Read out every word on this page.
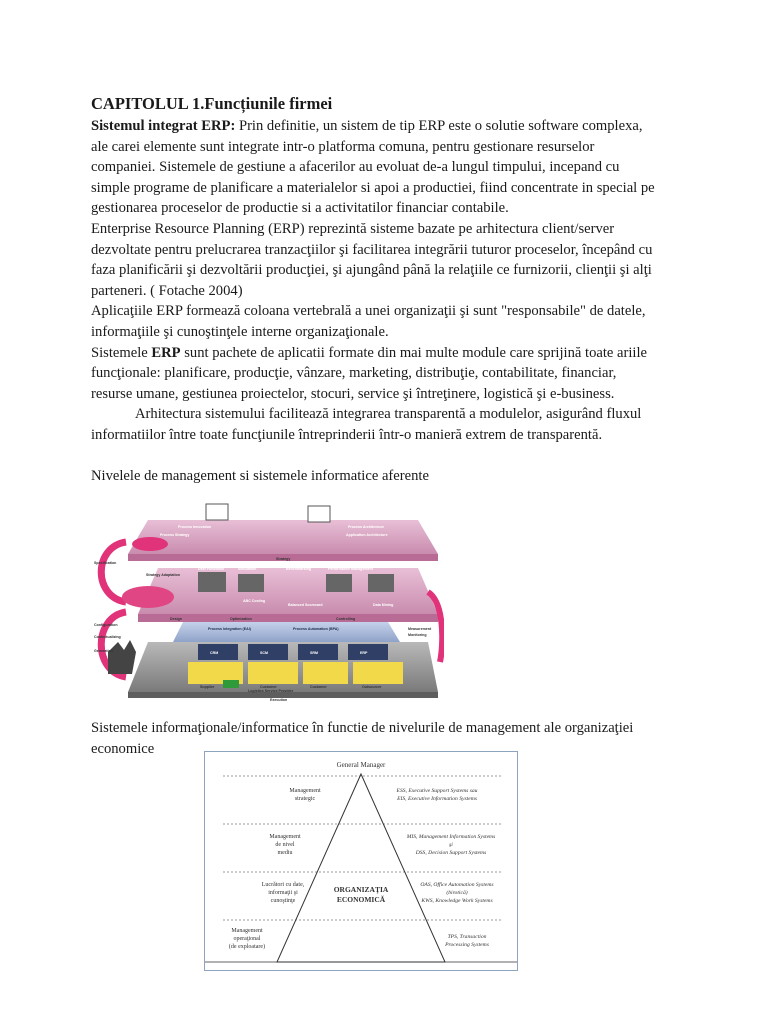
CAPITOLUL 1.Funcțiunile firmei

Sistemul integrat ERP: Prin definitie, un sistem de tip ERP este o solutie software complexa,
ale carei elemente sunt integrate intr-o platforma comuna, pentru gestionare resurselor
companiei. Sistemele de gestiune a afacerilor au evoluat de-a lungul timpului, incepand cu
simple programe de planificare a materialelor si apoi a productiei, fiind concentrate in special pe
gestionarea proceselor de productie si a activitatilor financiar contabile.

Enterprise Resource Planning (ERP) reprezintă sisteme bazate pe arhitectura client/server
dezvoltate pentru prelucrarea tranzacţiilor şi facilitarea integrării tuturor proceselor, începând cu
faza planificării şi dezvoltării producţiei, şi ajungând până la relaţiile ce furnizorii, clienţii şi alţi
parteneri. ( Fotache 2004)

Aplicaţiile ERP formează coloana vertebrală a unei organizaţii şi sunt "responsabile" de datele,
informaţiile şi cunoştinţele interne organizaţionale.

Sistemele ERP sunt pachete de aplicatii formate din mai multe module care sprijină toate ariile
funcţionale: planificare, producţie, vânzare, marketing, distribuţie, contabilitate, financiar,
resurse umane, gestiunea proiectelor, stocuri, service şi întreţinere, logistică şi e-business.

Arhitectura sistemului facilitează integrarea transparentă a modulelor, asigurând fluxul
informatiilor între toate funcţiunile întreprinderii într-o manieră extrem de transparentă.

Nivelele de management si sistemele informatice aferente
Process Innovation
Process Strategy
Process Architecture
Application Architecture
Strategy
Specification
Strategy Adaptation
User Functions	Simulation	Benchmarking	Performance Management
ABC Costing
Balanced Scorecard	Data Mining
Design	Optimization	Controlling
Configuration
Process Integration (EAI)	Process Automation (BPA)	Measurement
Monitoring
Contextualizing
Generation	CRM	SCM	SRM	ERP
Supplier
Logistics Service Provider
Customer	Customer	Outsourcer
Execution
Sistemele informaţionale/informatice în functie de nivelurile de management ale organizaţiei
economice
General Manager
Management
strategic
Management
de nivel
mediu
Lucrători cu date,
informaţii şi
cunoştinţe
Management
operaţional
(de exploatare)
ESS, Executive Support Systems sau
EIS, Executive Information Systems
MIS, Management Information Systems
şi
DSS, Decision Support Systems
OAS, Office Automation Systems
(birotică)
KWS, Knowledge Work Systems
TPS, Transaction
Processing Systems
ORGANIZAŢIA
ECONOMICĂ
